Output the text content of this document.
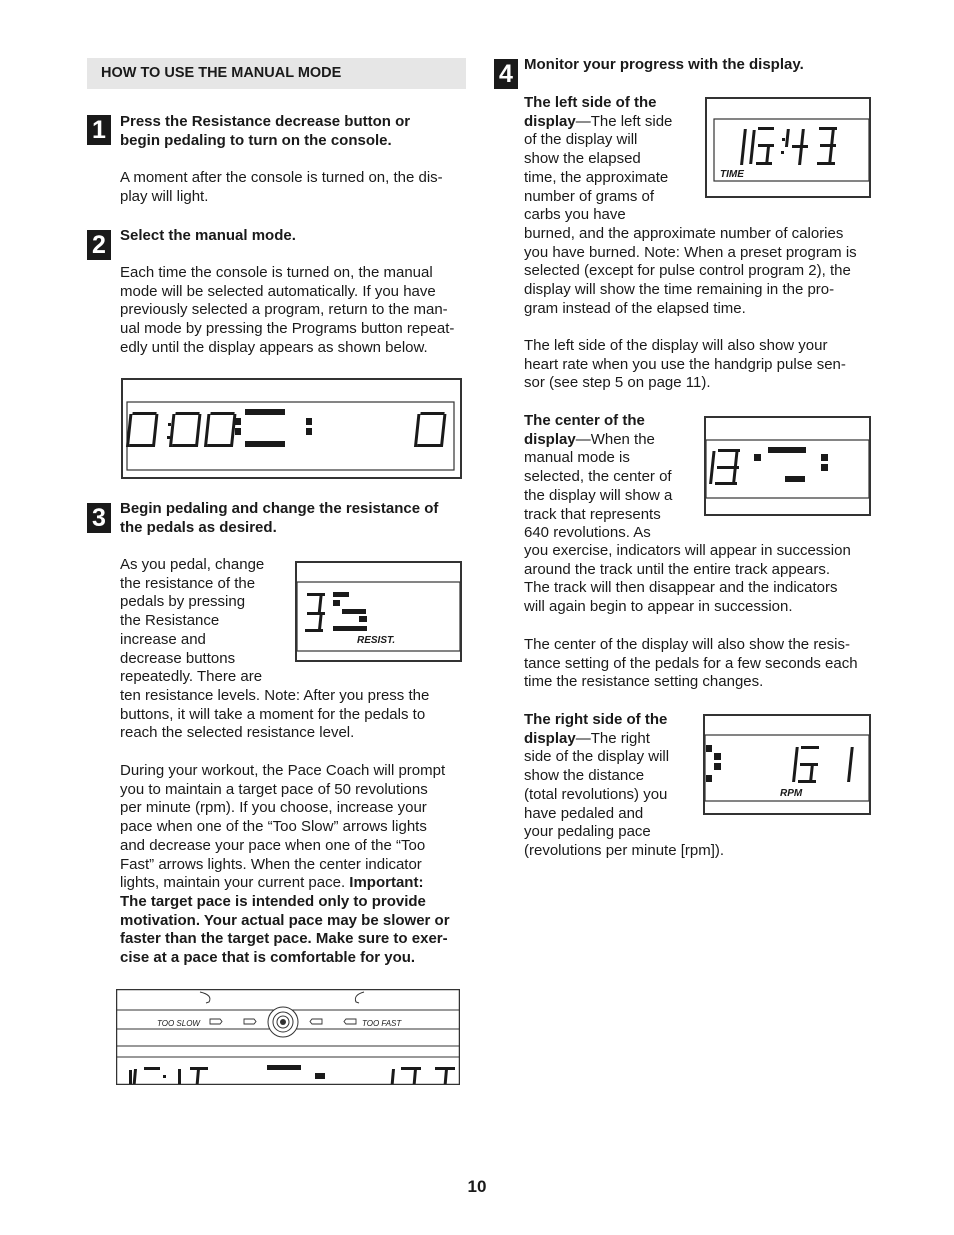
HOW TO USE THE MANUAL MODE
1 Press the Resistance decrease button or

begin pedaling to turn on the console.

A moment after the console is turned on, the dis-

play will light.

2 Select the manual mode.

Each time the console is turned on, the manual

mode will be selected automatically. If you have

previously selected a program, return to the man-

ual mode by pressing the Programs button repeat-

edly until the display appears as shown below.

3 Begin pedaling and change the resistance of

the pedals as desired.

As you pedal, change

the resistance of the

pedals by pressing

the Resistance

increase and

decrease buttons

repeatedly. There are

ten resistance levels. Note: After you press the

buttons, it will take a moment for the pedals to

reach the selected resistance level.

RESIST.

During your workout, the Pace Coach will prompt

you to maintain a target pace of 50 revolutions

per minute (rpm). If you choose, increase your

pace when one of the “Too Slow” arrows lights

and decrease your pace when one of the “Too

Fast” arrows lights. When the center indicator

lights, maintain your current pace. Important:

The target pace is intended only to provide

motivation. Your actual pace may be slower or

faster than the target pace. Make sure to exer-

cise at a pace that is comfortable for you.

TOO SLOW	TOO FAST
4 Monitor your progress with the display.

The left side of the

display—The left side

of the display will

show the elapsed

time, the approximate

number of grams of

carbs you have

burned, and the approximate number of calories

you have burned. Note: When a preset program is

selected (except for pulse control program 2), the

display will show the time remaining in the pro-

gram instead of the elapsed time.

The left side of the display will also show your

heart rate when you use the handgrip pulse sen-

sor (see step 5 on page 11).

TIME

The center of the

display—When the

manual mode is

selected, the center of

the display will show a

track that represents

640 revolutions. As

you exercise, indicators will appear in succession

around the track until the entire track appears.

The track will then disappear and the indicators

will again begin to appear in succession.

The center of the display will also show the resis-

tance setting of the pedals for a few seconds each

time the resistance setting changes.

The right side of the

display—The right

side of the display will

show the distance

(total revolutions) you

have pedaled and

your pedaling pace

(revolutions per minute [rpm]).

RPM
10
